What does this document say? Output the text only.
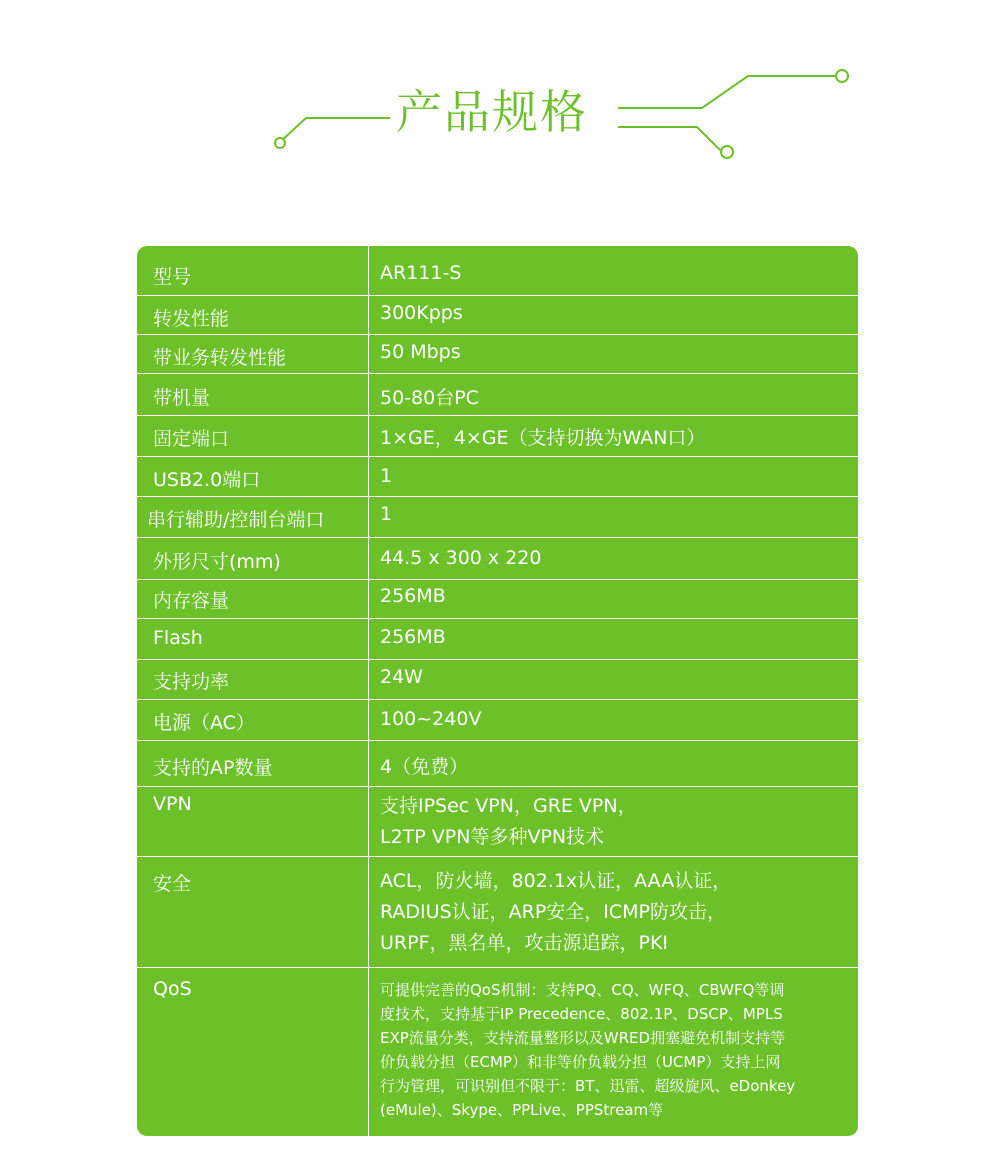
产品规格
型号	AR111-S
转发性能	300Kpps
带业务转发性能	50 Mbps
带机量	50-80台PC
固定端口	1×GE，4×GE（支持切换为WAN口）
USB2.0端口	1
串行辅助/控制台端口	1
外形尺寸(mm)	44.5 x 300 x 220
内存容量	256MB
Flash	256MB
支持功率	24W
电源（AC）	100~240V
支持的AP数量	4（免费）
VPN	支持IPSec VPN，GRE VPN，
L2TP VPN等多种VPN技术
安全	ACL，防火墙，802.1x认证，AAA认证，
RADIUS认证，ARP安全，ICMP防攻击，
URPF，黑名单，攻击源追踪，PKI
QoS	可提供完善的QoS机制：支持PQ、CQ、WFQ、CBWFQ等调
度技术，支持基于IP Precedence、802.1P、DSCP、MPLS
EXP流量分类，支持流量整形以及WRED拥塞避免机制支持等
价负载分担（ECMP）和非等价负载分担（UCMP）支持上网
行为管理，可识别但不限于：BT、迅雷、超级旋风、eDonkey
(eMule)、Skype、PPLive、PPStream等
